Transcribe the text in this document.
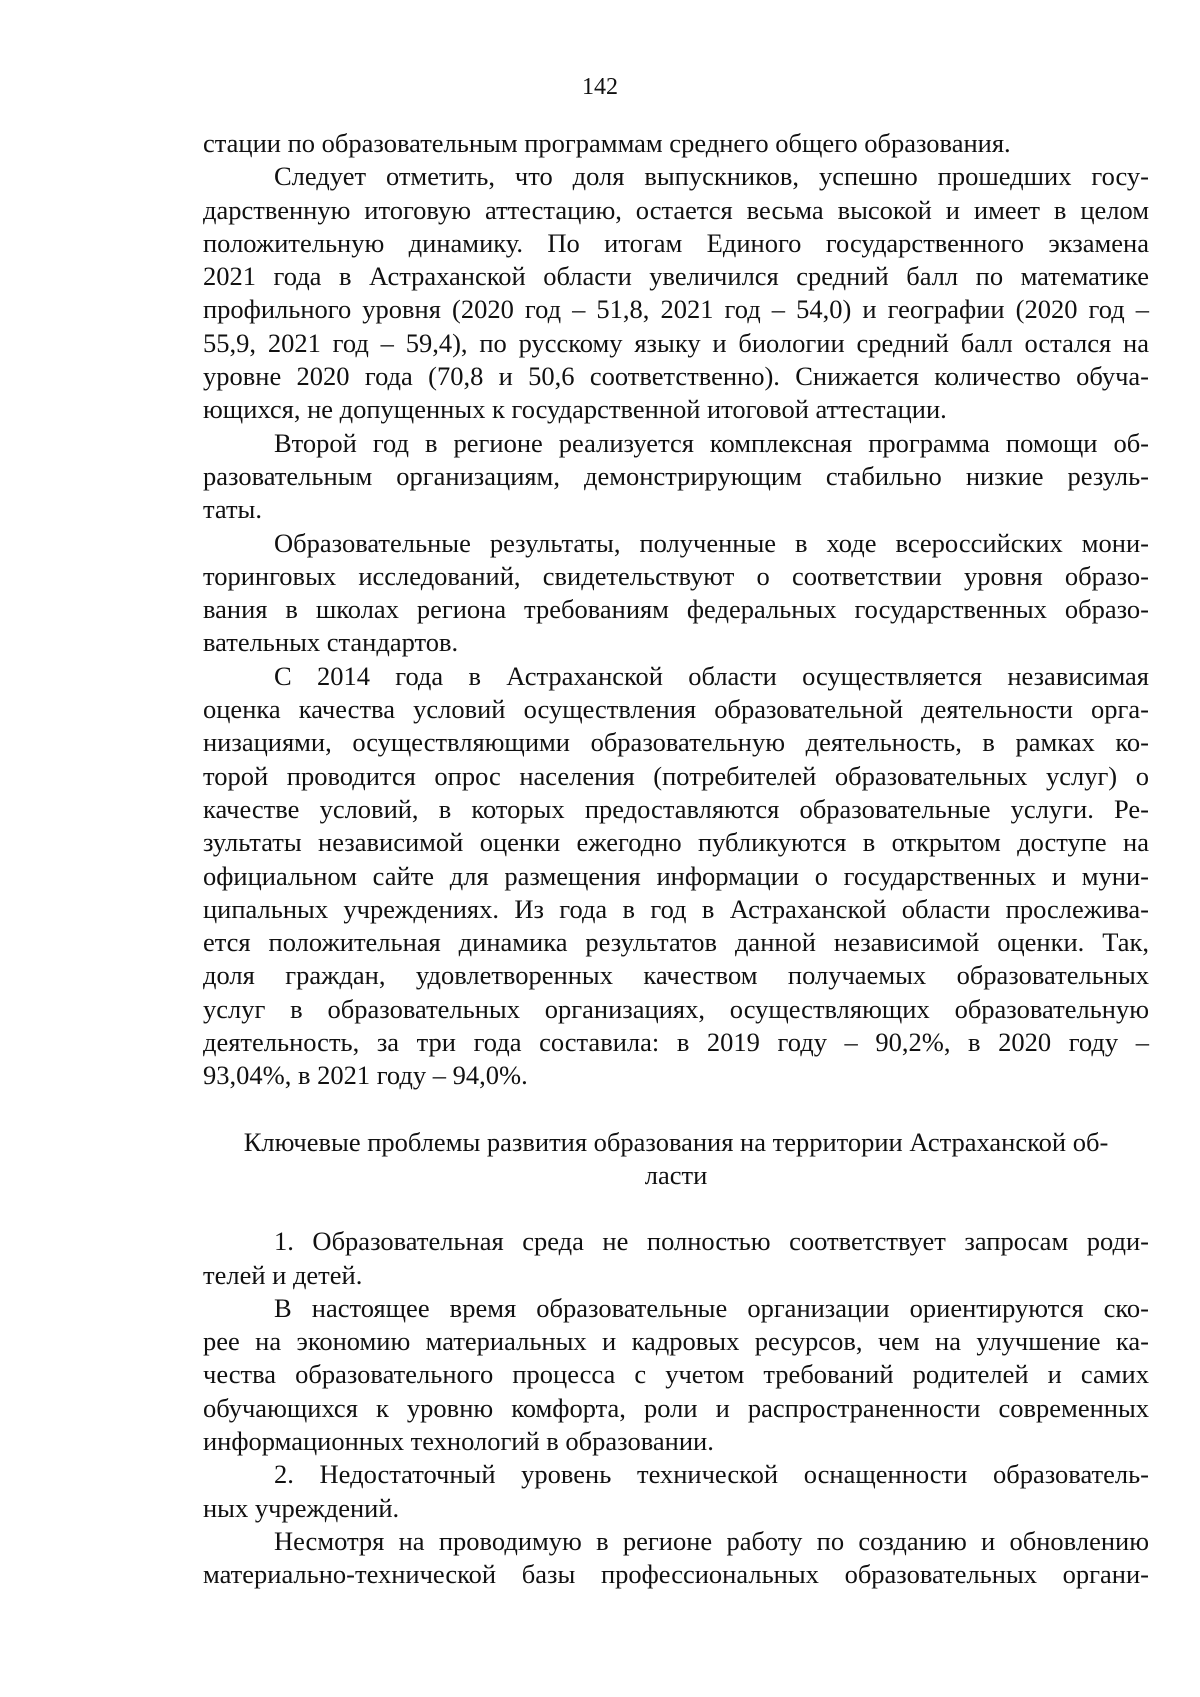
142

стации по образовательным программам среднего общего образования.

Следует отметить, что доля выпускников, успешно прошедших госу-
дарственную итоговую аттестацию, остается весьма высокой и имеет в целом
положительную динамику. По итогам Единого государственного экзамена
2021 года в Астраханской области увеличился средний балл по математике
профильного уровня (2020 год – 51,8, 2021 год – 54,0) и географии (2020 год –
55,9, 2021 год – 59,4), по русскому языку и биологии средний балл остался на
уровне 2020 года (70,8 и 50,6 соответственно). Снижается количество обуча-
ющихся, не допущенных к государственной итоговой аттестации.

Второй год в регионе реализуется комплексная программа помощи об-
разовательным организациям, демонстрирующим стабильно низкие резуль-
таты.

Образовательные результаты, полученные в ходе всероссийских мони-
торинговых исследований, свидетельствуют о соответствии уровня образо-
вания в школах региона требованиям федеральных государственных образо-
вательных стандартов.

С 2014 года в Астраханской области осуществляется независимая
оценка качества условий осуществления образовательной деятельности орга-
низациями, осуществляющими образовательную деятельность, в рамках ко-
торой проводится опрос населения (потребителей образовательных услуг) о
качестве условий, в которых предоставляются образовательные услуги. Ре-
зультаты независимой оценки ежегодно публикуются в открытом доступе на
официальном сайте для размещения информации о государственных и муни-
ципальных учреждениях. Из года в год в Астраханской области прослежива-
ется положительная динамика результатов данной независимой оценки. Так,
доля граждан, удовлетворенных качеством получаемых образовательных
услуг в образовательных организациях, осуществляющих образовательную
деятельность, за три года составила: в 2019 году – 90,2%, в 2020 году –
93,04%, в 2021 году – 94,0%.

Ключевые проблемы развития образования на территории Астраханской об-
ласти

1. Образовательная среда не полностью соответствует запросам роди-
телей и детей.

В настоящее время образовательные организации ориентируются ско-
рее на экономию материальных и кадровых ресурсов, чем на улучшение ка-
чества образовательного процесса с учетом требований родителей и самих
обучающихся к уровню комфорта, роли и распространенности современных
информационных технологий в образовании.

2. Недостаточный уровень технической оснащенности образователь-
ных учреждений.

Несмотря на проводимую в регионе работу по созданию и обновлению
материально-технической базы профессиональных образовательных органи-
